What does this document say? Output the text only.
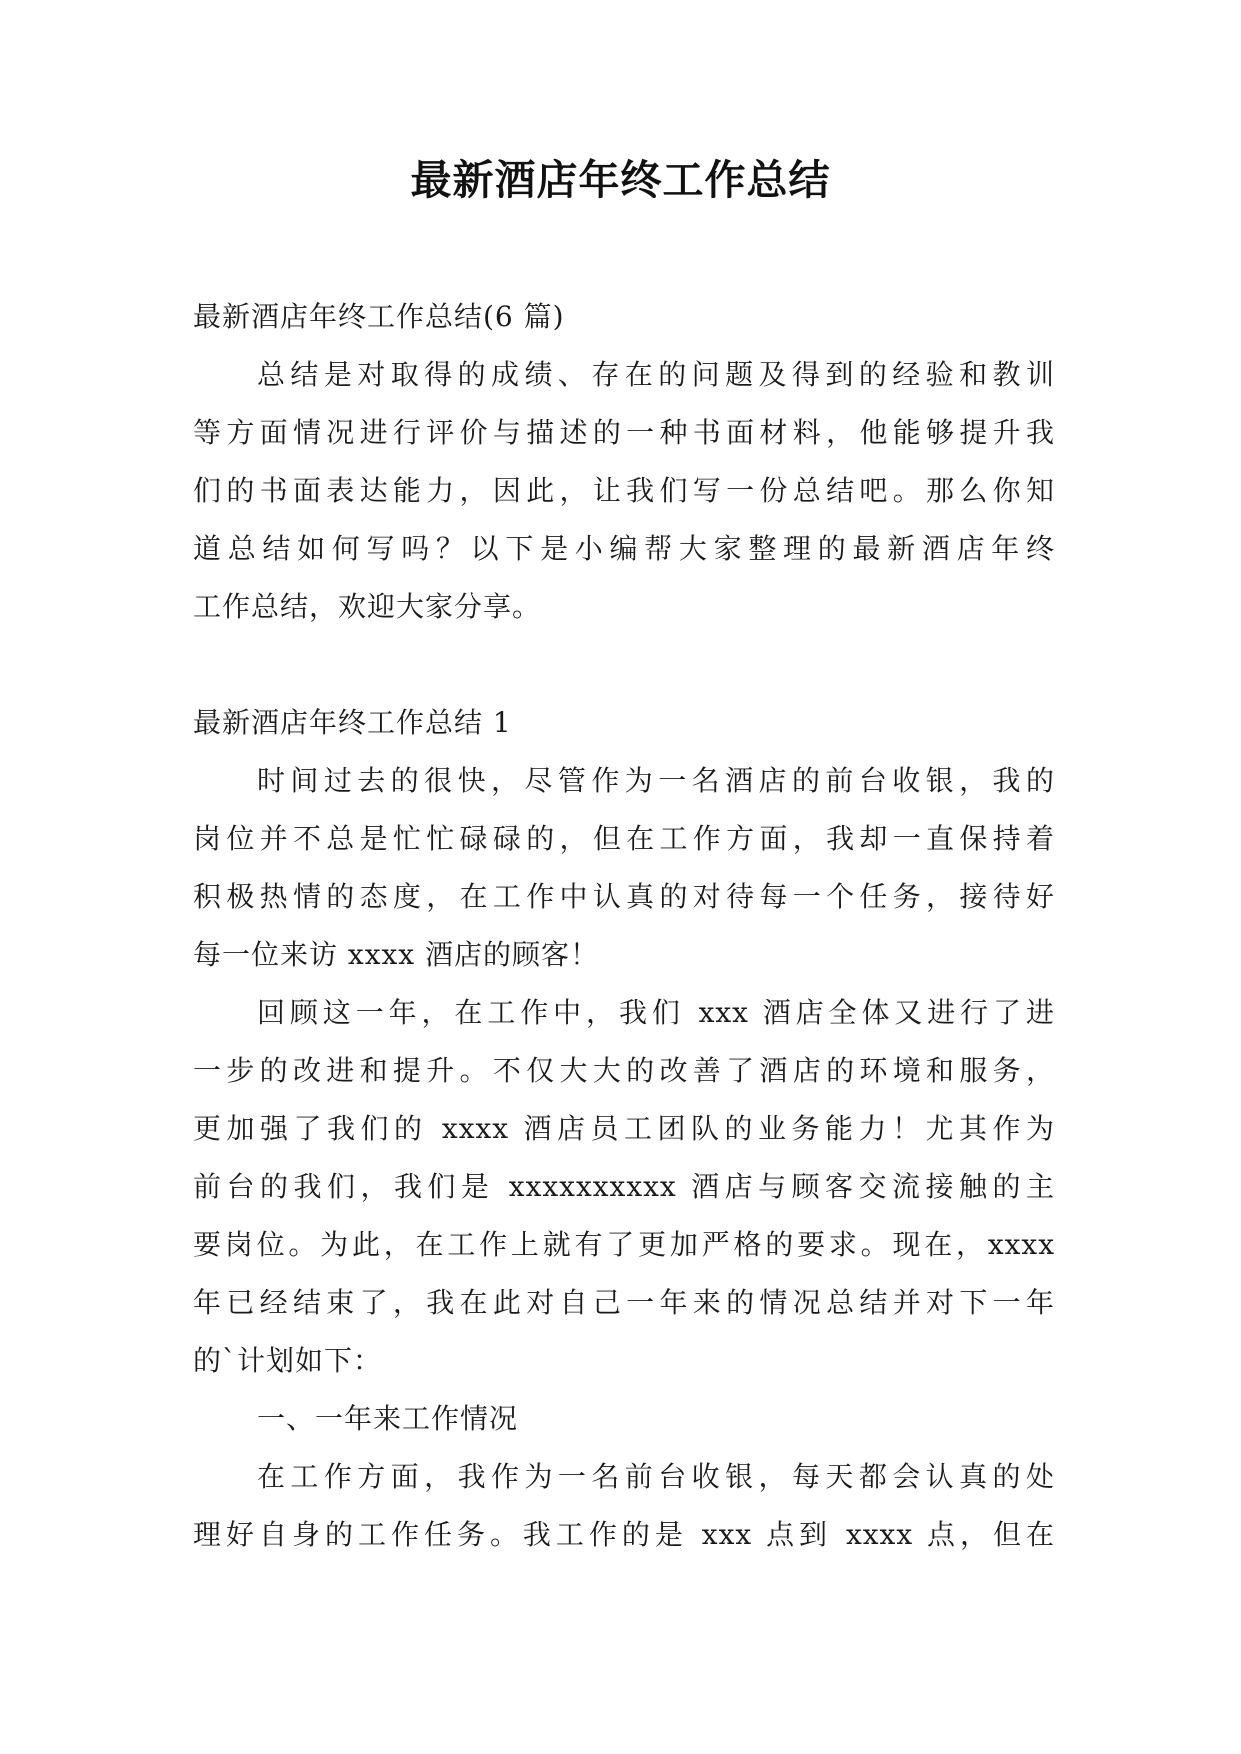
最新酒店年终工作总结
最新酒店年终工作总结(6 篇)
总结是对取得的成绩、存在的问题及得到的经验和教训
等方面情况进行评价与描述的一种书面材料，他能够提升我
们的书面表达能力，因此，让我们写一份总结吧。那么你知
道总结如何写吗？以下是小编帮大家整理的最新酒店年终
工作总结，欢迎大家分享。
最新酒店年终工作总结 1
时间过去的很快，尽管作为一名酒店的前台收银，我的
岗位并不总是忙忙碌碌的，但在工作方面，我却一直保持着
积极热情的态度，在工作中认真的对待每一个任务，接待好
每一位来访 xxxx 酒店的顾客！
回顾这一年，在工作中，我们 xxx 酒店全体又进行了进
一步的改进和提升。不仅大大的改善了酒店的环境和服务，
更加强了我们的 xxxx 酒店员工团队的业务能力！尤其作为
前台的我们，我们是 xxxxxxxxxx 酒店与顾客交流接触的主
要岗位。为此，在工作上就有了更加严格的要求。现在，xxxx
年已经结束了，我在此对自己一年来的情况总结并对下一年
的`计划如下：
一、一年来工作情况
在工作方面，我作为一名前台收银，每天都会认真的处
理好自身的工作任务。我工作的是 xxx 点到 xxxx 点，但在
